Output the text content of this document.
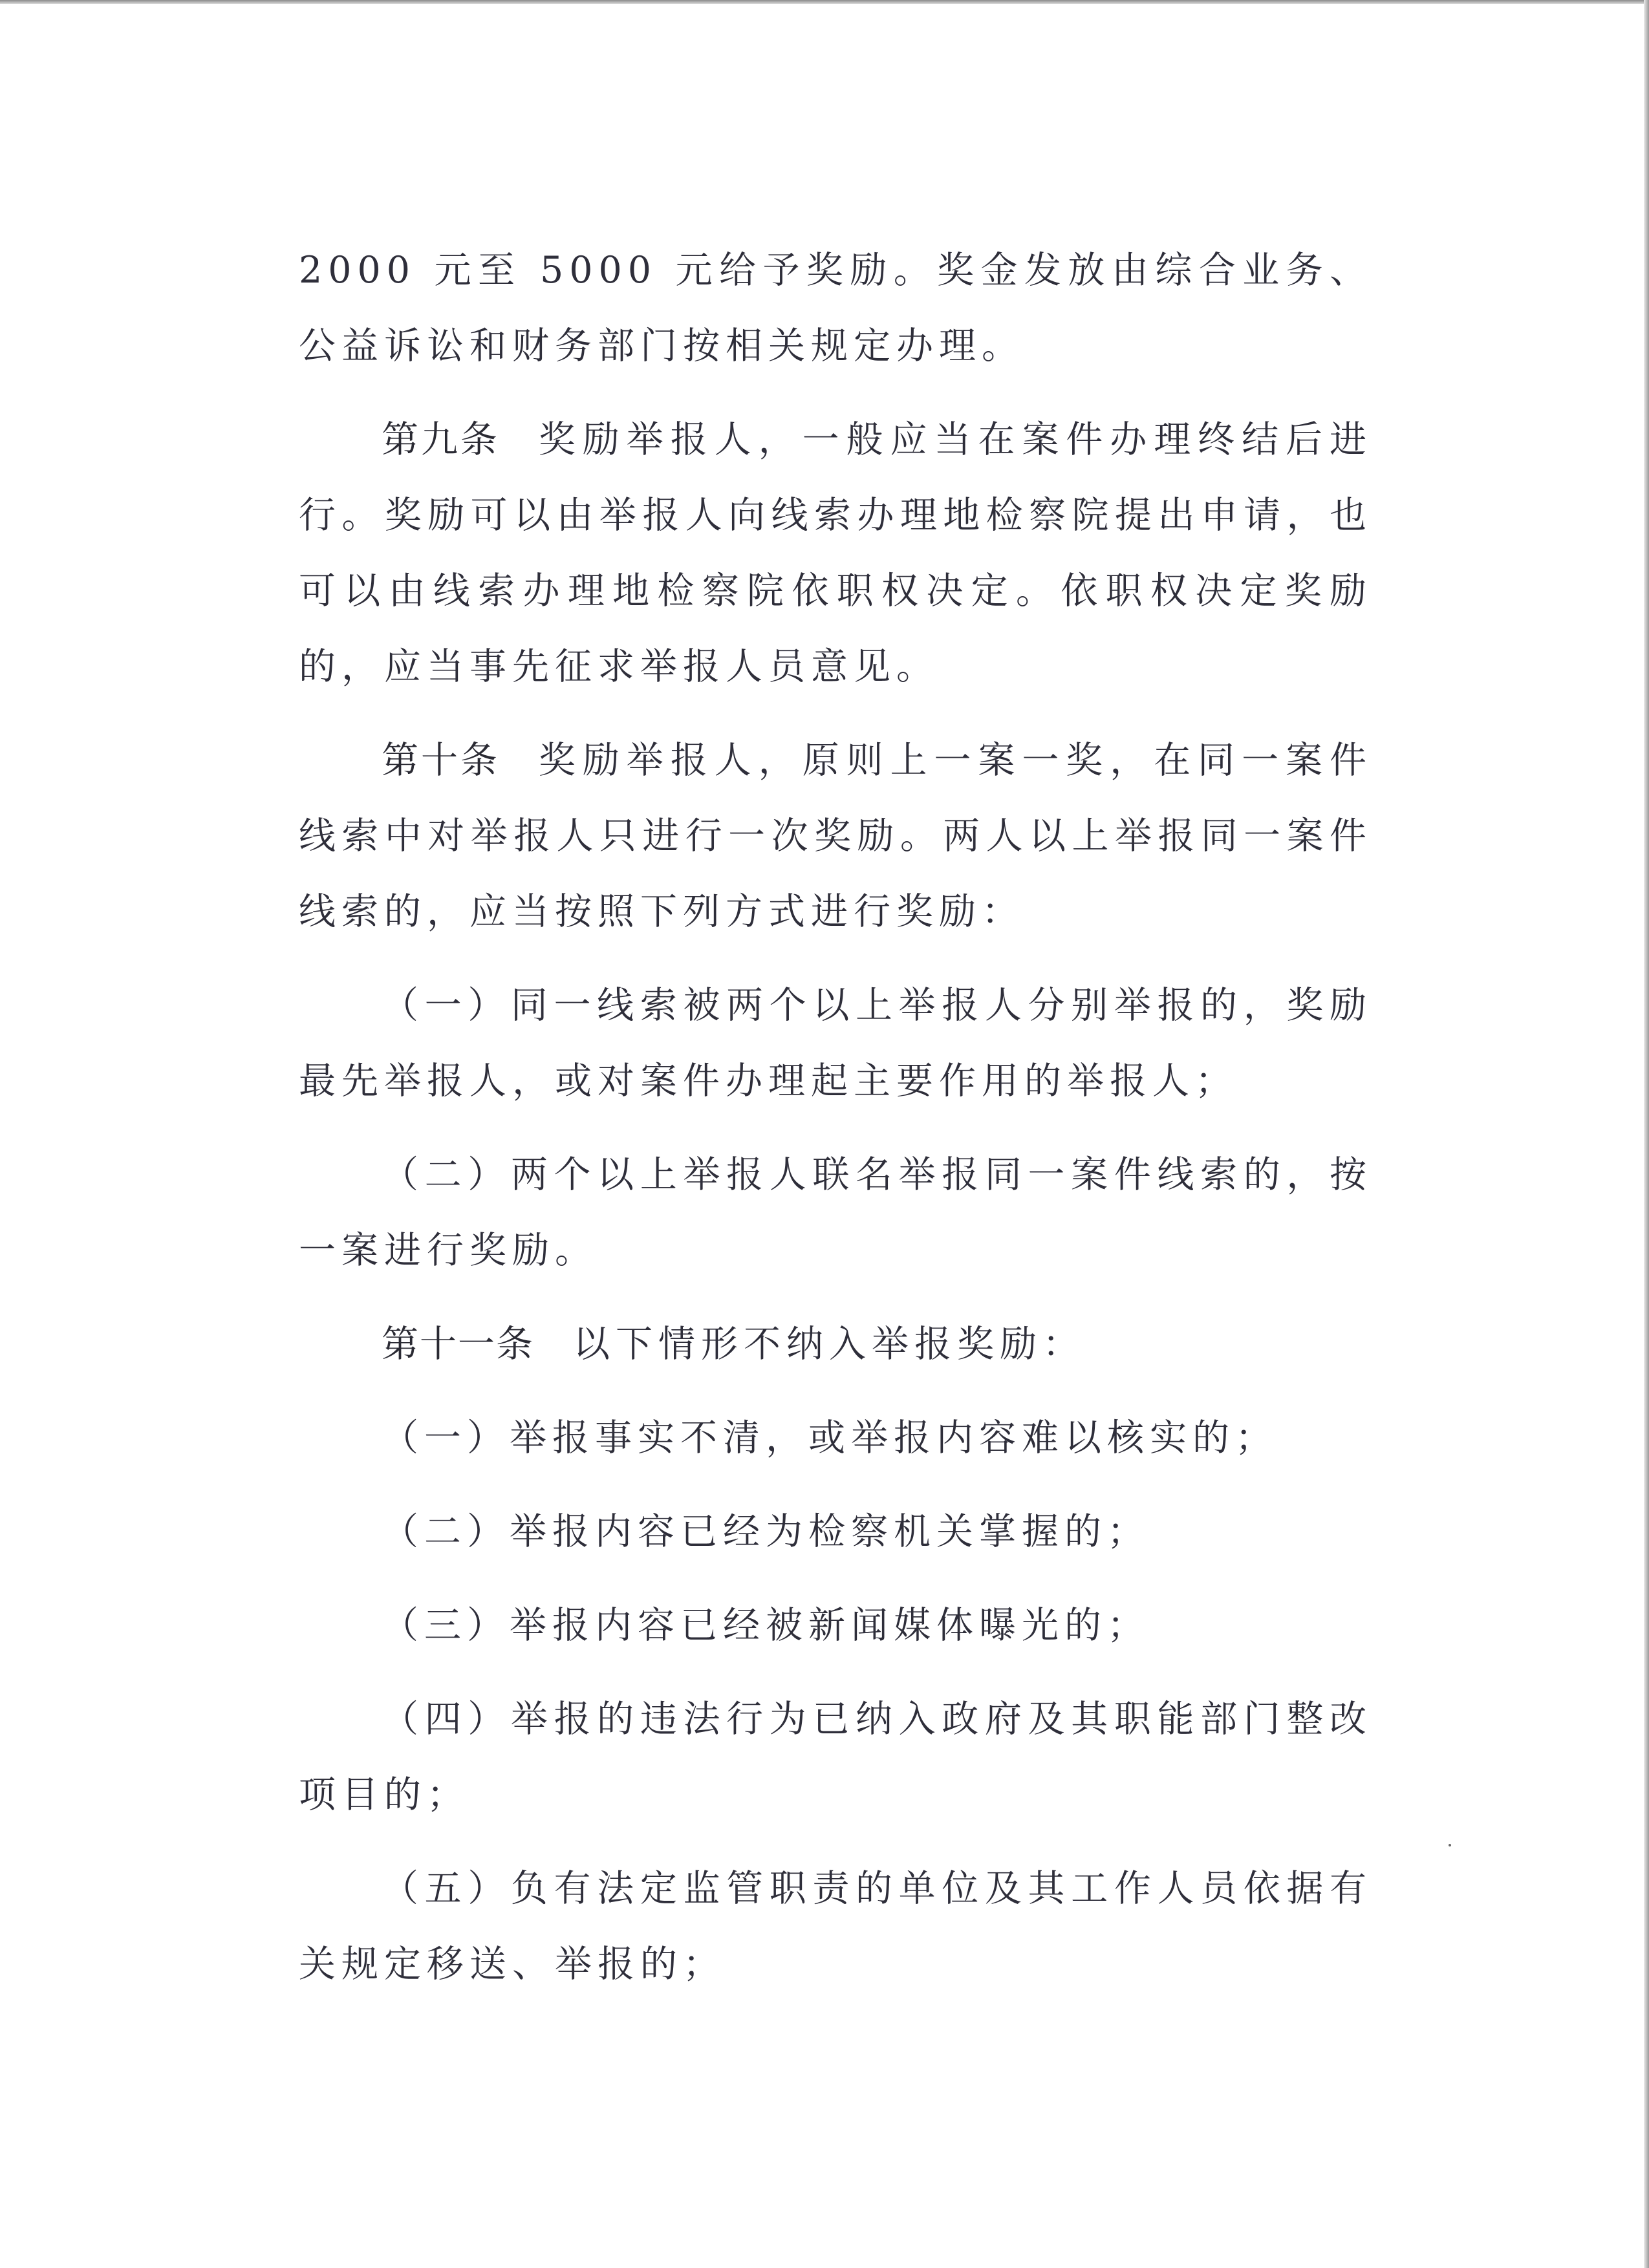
2000 元至 5000 元给予奖励。奖金发放由综合业务、公益诉讼和财务部门按相关规定办理。

第九条 奖励举报人，一般应当在案件办理终结后进行。奖励可以由举报人向线索办理地检察院提出申请，也可以由线索办理地检察院依职权决定。依职权决定奖励的，应当事先征求举报人员意见。

第十条 奖励举报人，原则上一案一奖，在同一案件线索中对举报人只进行一次奖励。两人以上举报同一案件线索的，应当按照下列方式进行奖励：

（一）同一线索被两个以上举报人分别举报的，奖励最先举报人，或对案件办理起主要作用的举报人；

（二）两个以上举报人联名举报同一案件线索的，按一案进行奖励。

第十一条 以下情形不纳入举报奖励：

（一）举报事实不清，或举报内容难以核实的；

（二）举报内容已经为检察机关掌握的；

（三）举报内容已经被新闻媒体曝光的；

（四）举报的违法行为已纳入政府及其职能部门整改项目的；

（五）负有法定监管职责的单位及其工作人员依据有关规定移送、举报的；
